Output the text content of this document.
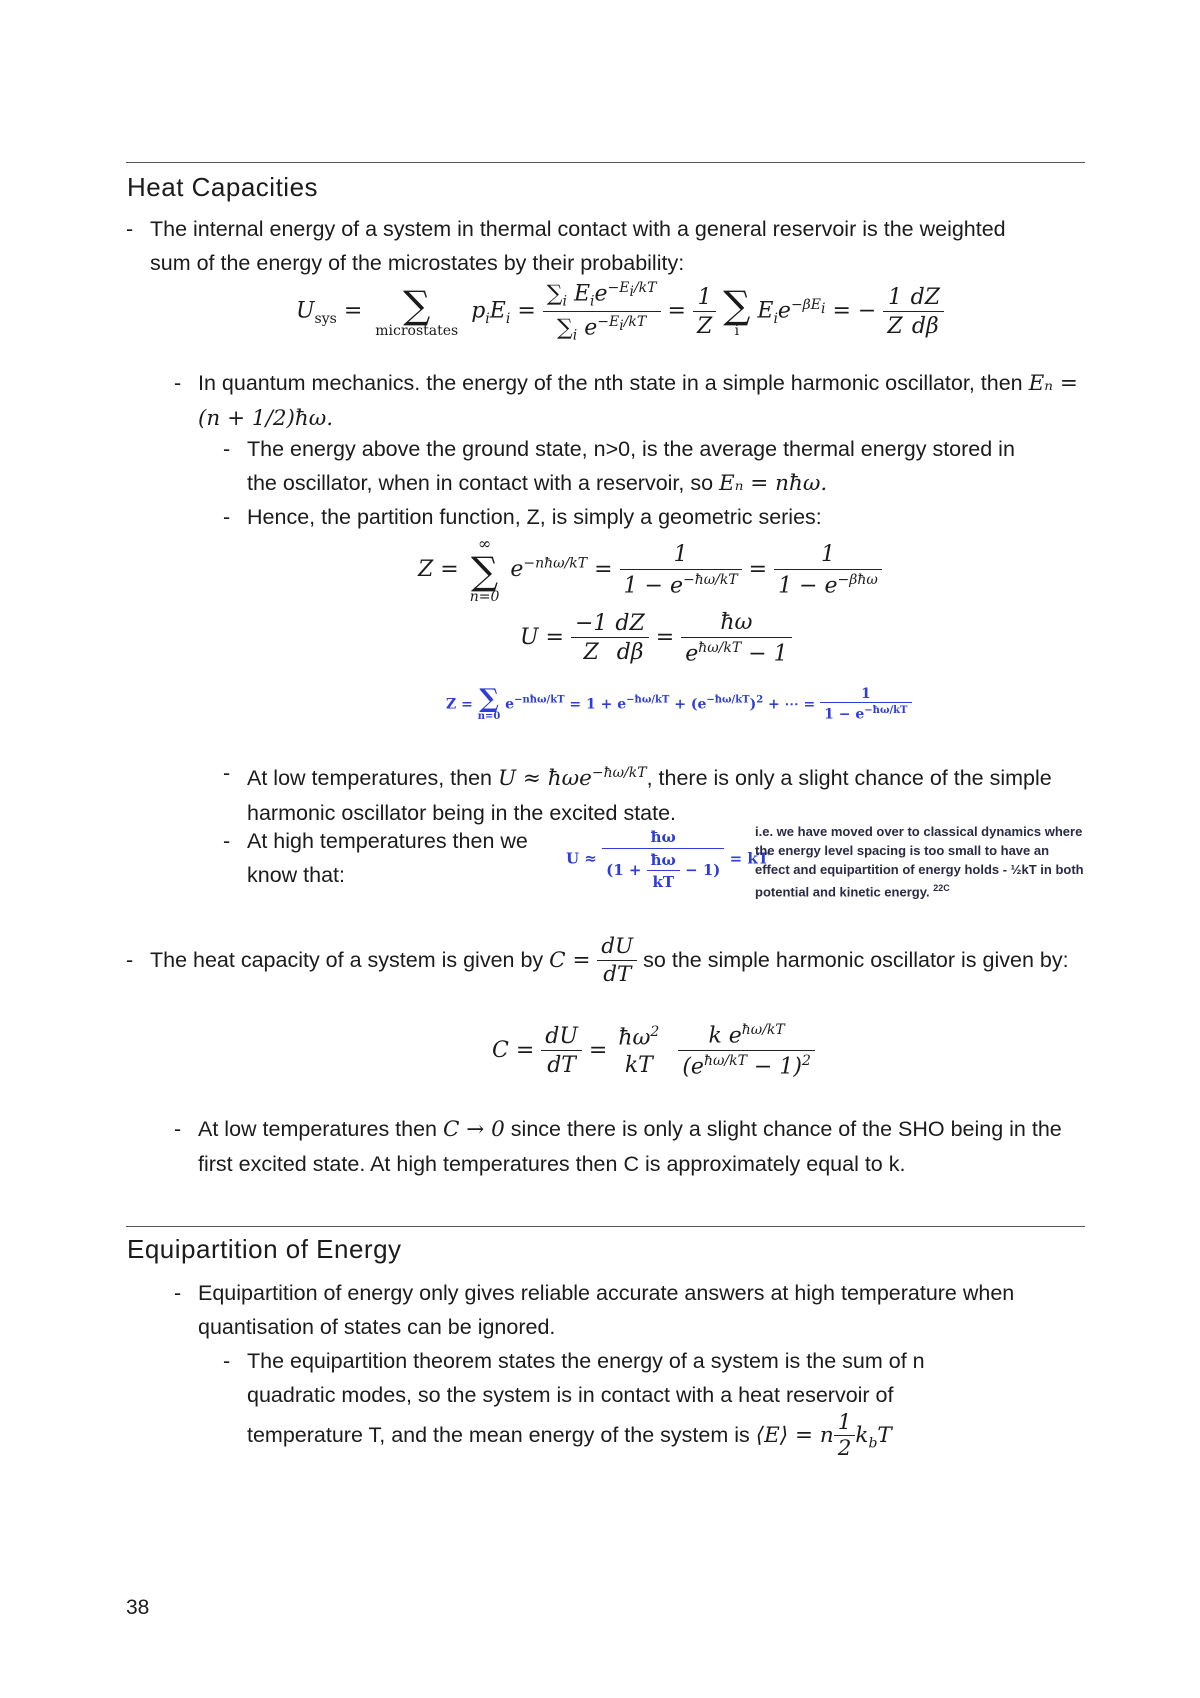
Heat Capacities
- The internal energy of a system in thermal contact with a general reservoir is the weighted sum of the energy of the microstates by their probability:
$U_{sys}$ = ∑
microstates
$p_iE_i = \frac{\sum_i E_ie^{-E_i/kT}}{\sum_i e^{-E_i/kT}} = \frac{1}{Z}$ ∑
i
$E_ie^{-\beta E_i}$ = − $\frac{1}{Z} \frac{dZ}{d\beta}$
- In quantum mechanics. the energy of the nth state in a simple harmonic oscillator, then Eₙ = (n + 1/2)ħω.
- The energy above the ground state, n>0, is the average thermal energy stored in the oscillator, when in contact with a reservoir, so Eₙ = nħω.
- Hence, the partition function, Z, is simply a geometric series:
Z =
∞
∑
n=0
$e^{-nħ\omega/kT} = \frac{1}{1 - e^{-ħ\omega/kT}} = \frac{1}{1 - e^{-\beta ħ\omega}}$
$U = \frac{-1}{Z} \frac{dZ}{d\beta} = \frac{ħ\omega}{e^{ħ\omega/kT} - 1}$
Z = ∑
n=0
$e^{-nħ\omega/kT} = 1 + e^{-ħ\omega/kT} + (e^{-ħ\omega/kT})^2$ + ⋯ = $\frac{1}{1 - e^{-ħ\omega/kT}}$
- At low temperatures, then U ≈ ħωe$^{-ħ\omega/kT}$, there is only a slight chance of the simple harmonic oscillator being in the excited state.
- At high temperatures then we know that:
$U \approx \frac{ħ\omega}{(1 + \frac{ħ\omega}{kT} - 1)}$ = kT
i.e. we have moved over to classical dynamics where the energy level spacing is too small to have an effect and equipartition of energy holds - ½kT in both potential and kinetic energy. $^{22C}$
- The heat capacity of a system is given by $C = \frac{dU}{dT}$ so the simple harmonic oscillator is given by:
$C = \frac{dU}{dT}$ =
$ħ\omega^2$
kT
	$\frac{k e^{ħ\omega/kT}}{(e^{ħ\omega/kT} - 1)^2}$
- At low temperatures then C → 0 since there is only a slight chance of the SHO being in the first excited state. At high temperatures then C is approximately equal to k.
Equipartition of Energy
- Equipartition of energy only gives reliable accurate answers at high temperature when quantisation of states can be ignored.
- The equipartition theorem states the energy of a system is the sum of n quadratic modes, so the system is in contact with a heat reservoir of temperature T, and the mean energy of the system is ⟨E⟩ = n $\frac{1}{2} k_bT$
38
